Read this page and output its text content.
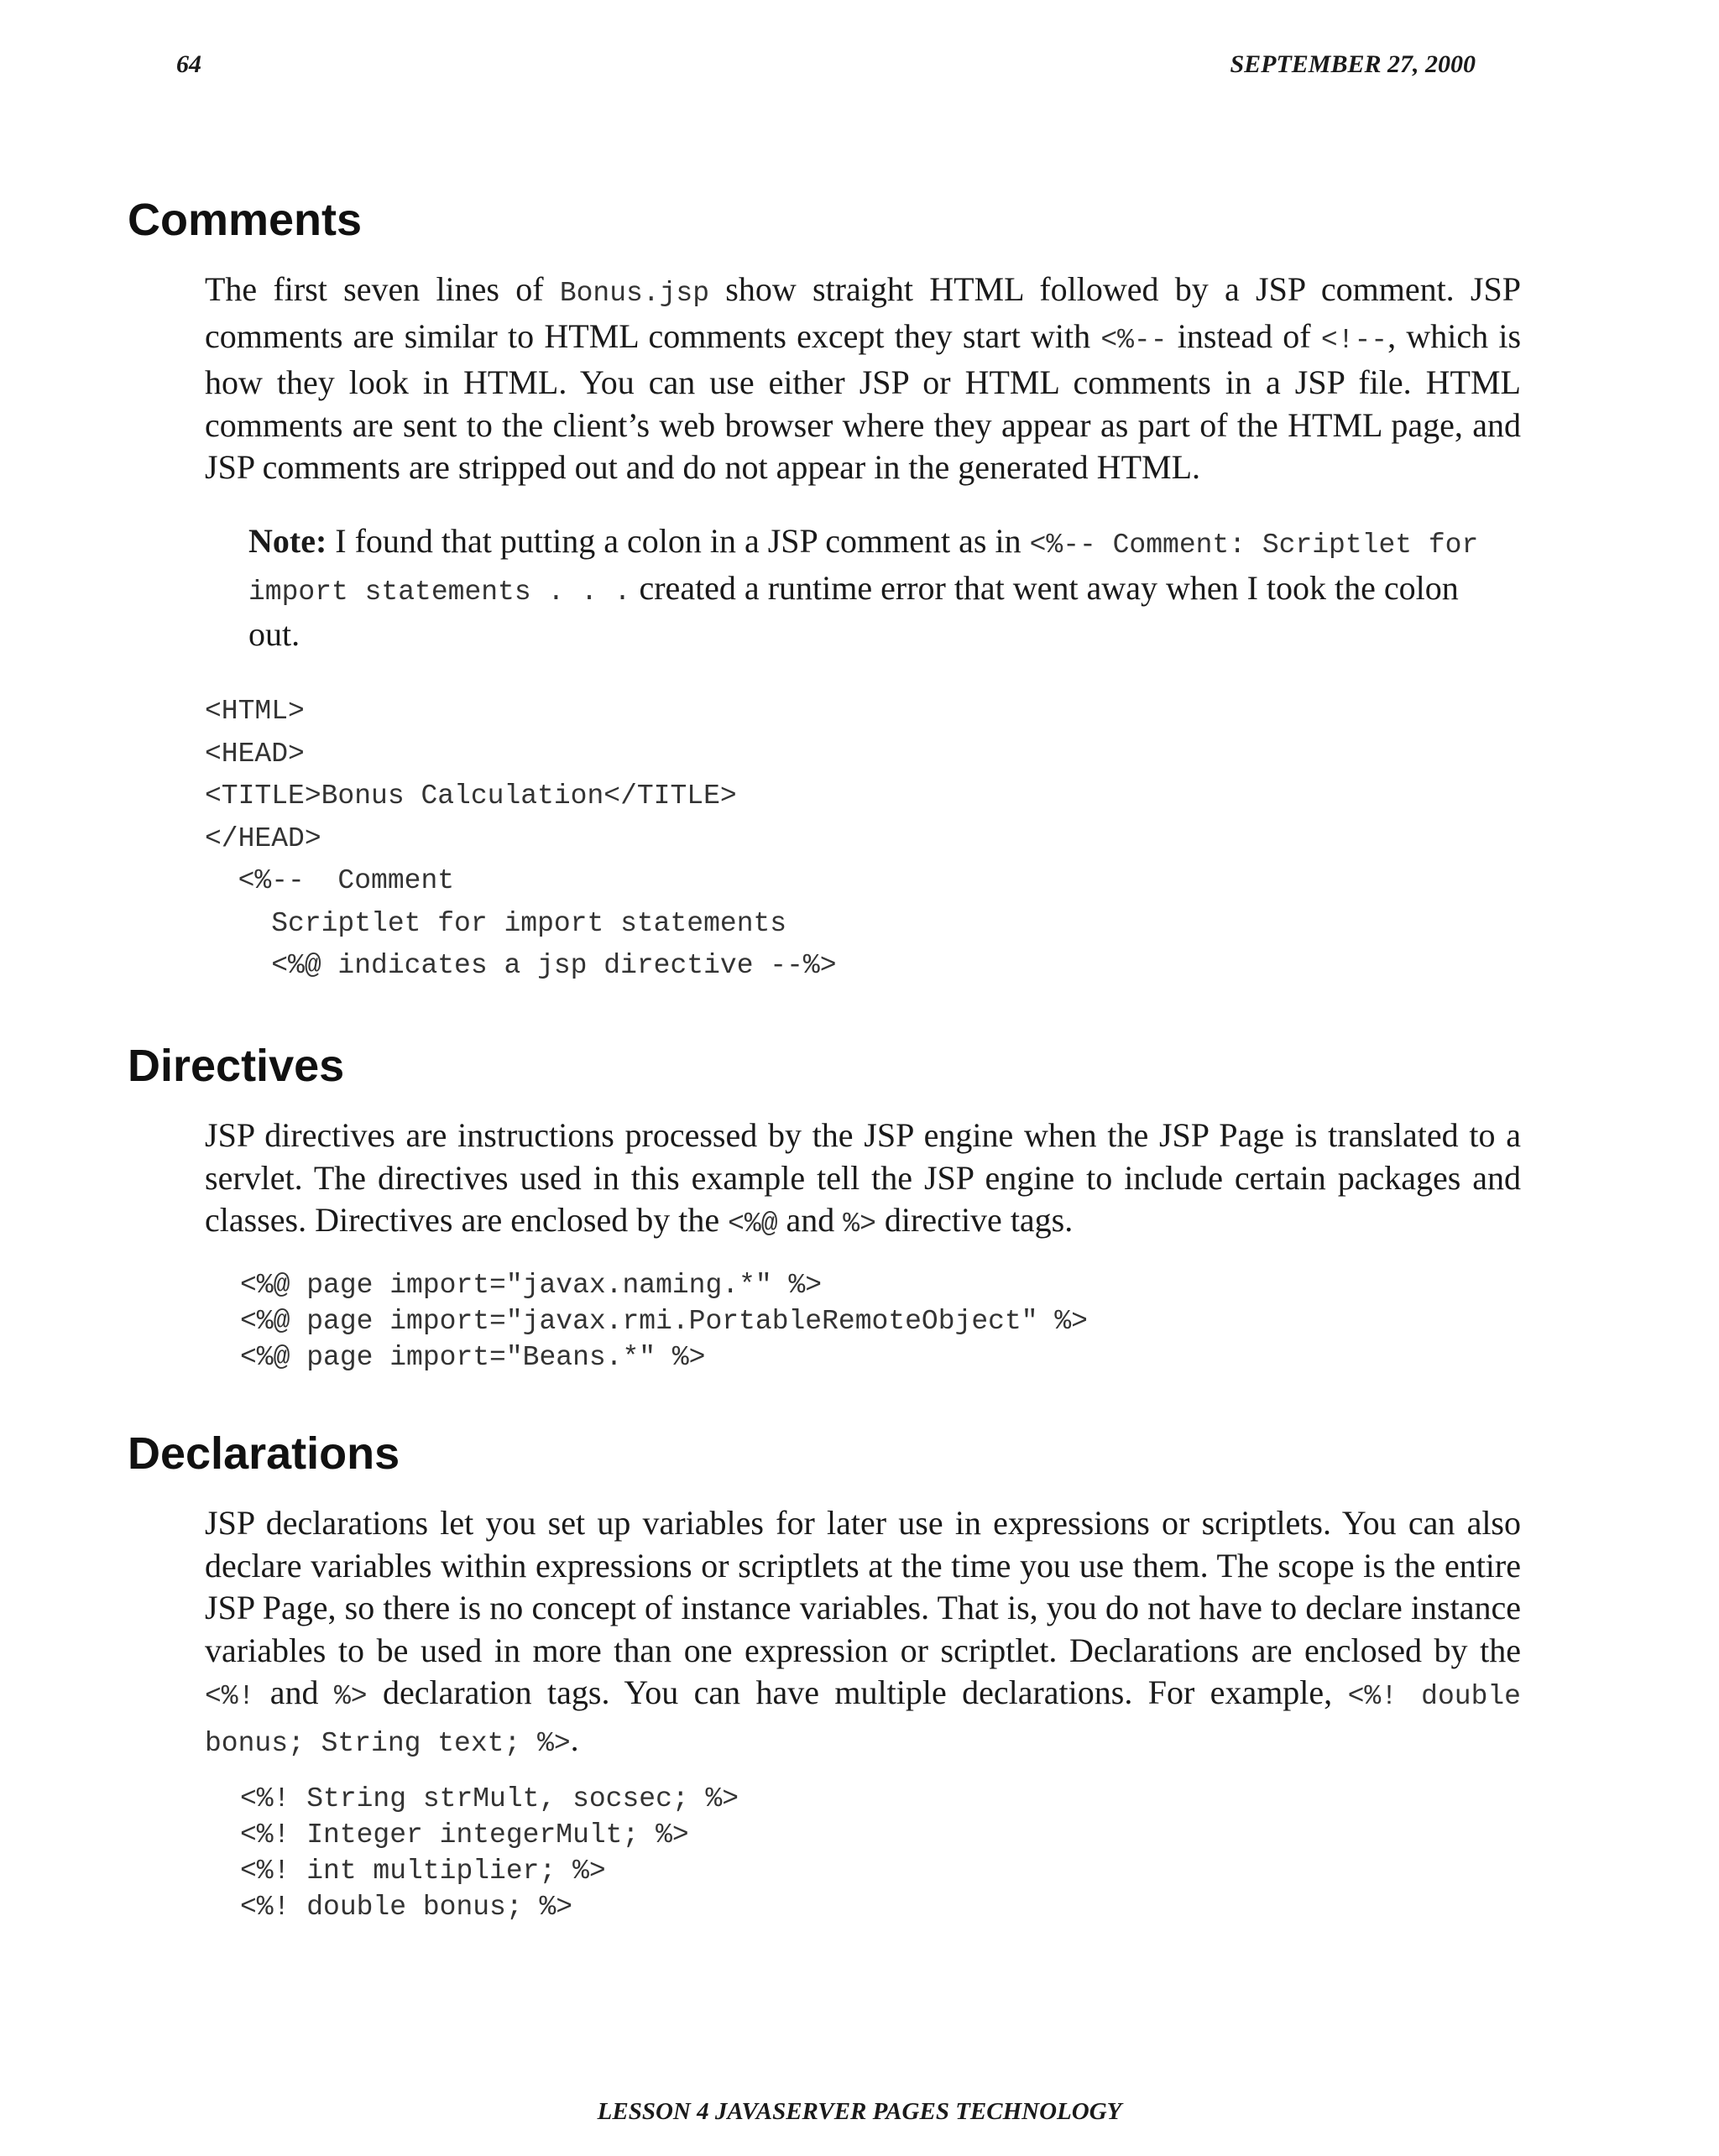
64	SEPTEMBER 27, 2000
Comments

The first seven lines of Bonus.jsp show straight HTML followed by a JSP comment. JSP comments are similar to HTML comments except they start with <%-- instead of <!--, which is how they look in HTML. You can use either JSP or HTML comments in a JSP file. HTML comments are sent to the client’s web browser where they appear as part of the HTML page, and JSP comments are stripped out and do not appear in the generated HTML.

Note: I found that putting a colon in a JSP comment as in <%-- Comment: Scriptlet for import statements . . . created a runtime error that went away when I took the colon out.

<HTML>
<HEAD>
<TITLE>Bonus Calculation</TITLE>
</HEAD>
<%--  Comment
Scriptlet for import statements
<%@ indicates a jsp directive --%>
Directives

JSP directives are instructions processed by the JSP engine when the JSP Page is translated to a servlet. The directives used in this example tell the JSP engine to include certain packages and classes. Directives are enclosed by the <%@ and %> directive tags.

<%@ page import="javax.naming.*" %>
<%@ page import="javax.rmi.PortableRemoteObject" %>
<%@ page import="Beans.*" %>
Declarations

JSP declarations let you set up variables for later use in expressions or scriptlets. You can also declare variables within expressions or scriptlets at the time you use them. The scope is the entire JSP Page, so there is no concept of instance variables. That is, you do not have to declare instance variables to be used in more than one expression or scriptlet. Declarations are enclosed by the <%! and %> declaration tags. You can have multiple declarations. For example, <%! double bonus; String text; %>.

<%! String strMult, socsec; %>
<%! Integer integerMult; %>
<%! int multiplier; %>
<%! double bonus; %>
LESSON 4 JAVASERVER PAGES TECHNOLOGY
